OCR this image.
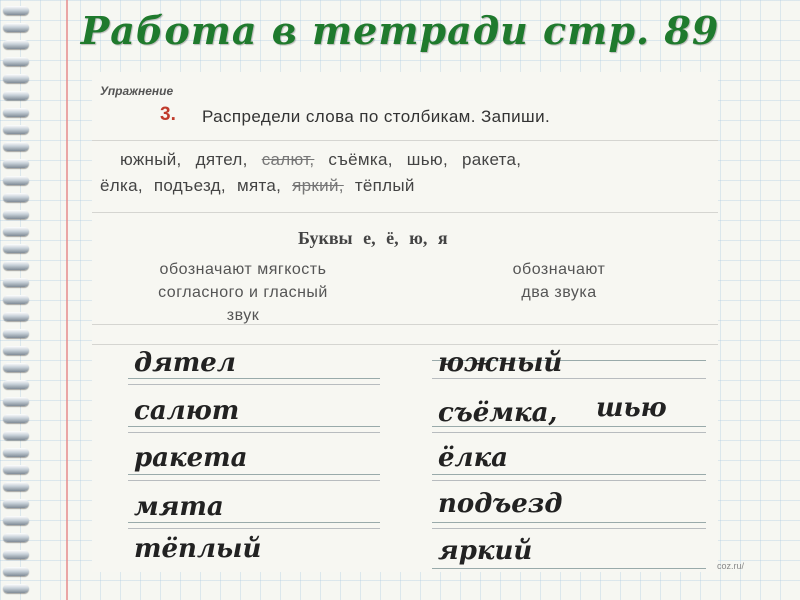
Работа в тетради стр. 89
Упражнение
3. Распредели слова по столбикам. Запиши.
южный, дятел, салют, съёмка, шью, ракета,
ёлка, подъезд, мята, яркий, тёплый
Буквы е, ё, ю, я
обозначают мягкость
согласного и гласный
звук
обозначают
два звука
дятел
салют
ракета
мята
тёплый
южный
съёмка, шью
ёлка
подъезд
яркий	coz.ru/
